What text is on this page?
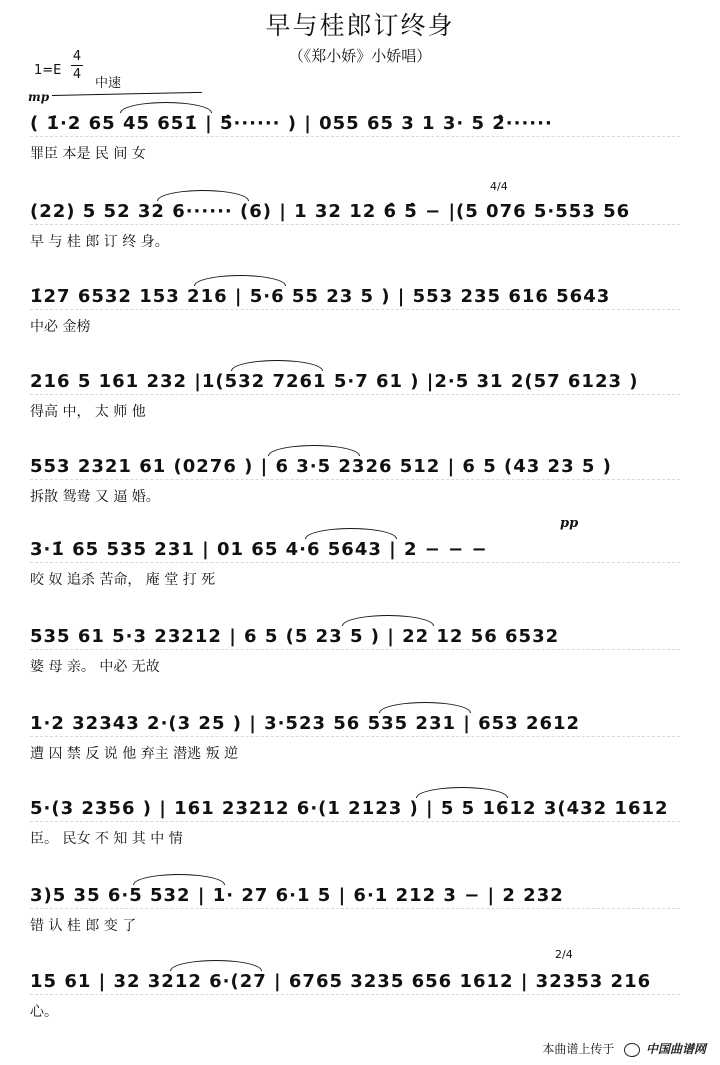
早与桂郎订终身
（《郑小娇》小娇唱）
1=E
4
4
中速
mp
4/4
2/4
pp
( 1̇·2 65 45 651̇ | 5̂······ ) | 055 65 3 1 3· 5 2̂······
罪臣 本是 民 间 女
(22) 5 52 32 6······ (6) | 1 32 12 6̂ 5̂ − |(5 076 5·553 56
早 与 桂 郎 订 终 身。
1̇27 6532 153 216 | 5·6 55 23 5 ) | 553 235 616 5643
中必 金榜
216 5 161 232 |1(532 7261 5·7 61 ) |2·5 31 2(57 6123 )
得高 中， 太 师 他
553 2321 61 (0276 ) | 6 3·5 2326 512 | 6 5 (43 23 5 )
拆散 鸳鸯 又 逼 婚。
3·1̇ 65 535 231 | 01 65 4·6 5643 | 2 − − −
咬 奴 追杀 苦命， 庵 堂 打 死
535 61 5·3 23212 | 6 5 (5 23 5 ) | 22 12 56 6532
婆 母 亲。 中必 无故
1·2 32343 2·(3 25 ) | 3·523 56 535 231 | 653 2612
遭 囚 禁 反 说 他 弃主 潜逃 叛 逆
5·(3 2356 ) | 161 23212 6·(1 2123 ) | 5 5 1612 3(432 1612
臣。 民女 不 知 其 中 情
3)5 35 6·5 532 | 1· 27 6·1 5 | 6·1 212 3 − | 2 232
错 认 桂 郎 变 了
15 61 | 32 3212 6·(27 | 6765 3235 656 1612 | 32353 216
心。
本曲谱上传于	中国曲谱网
